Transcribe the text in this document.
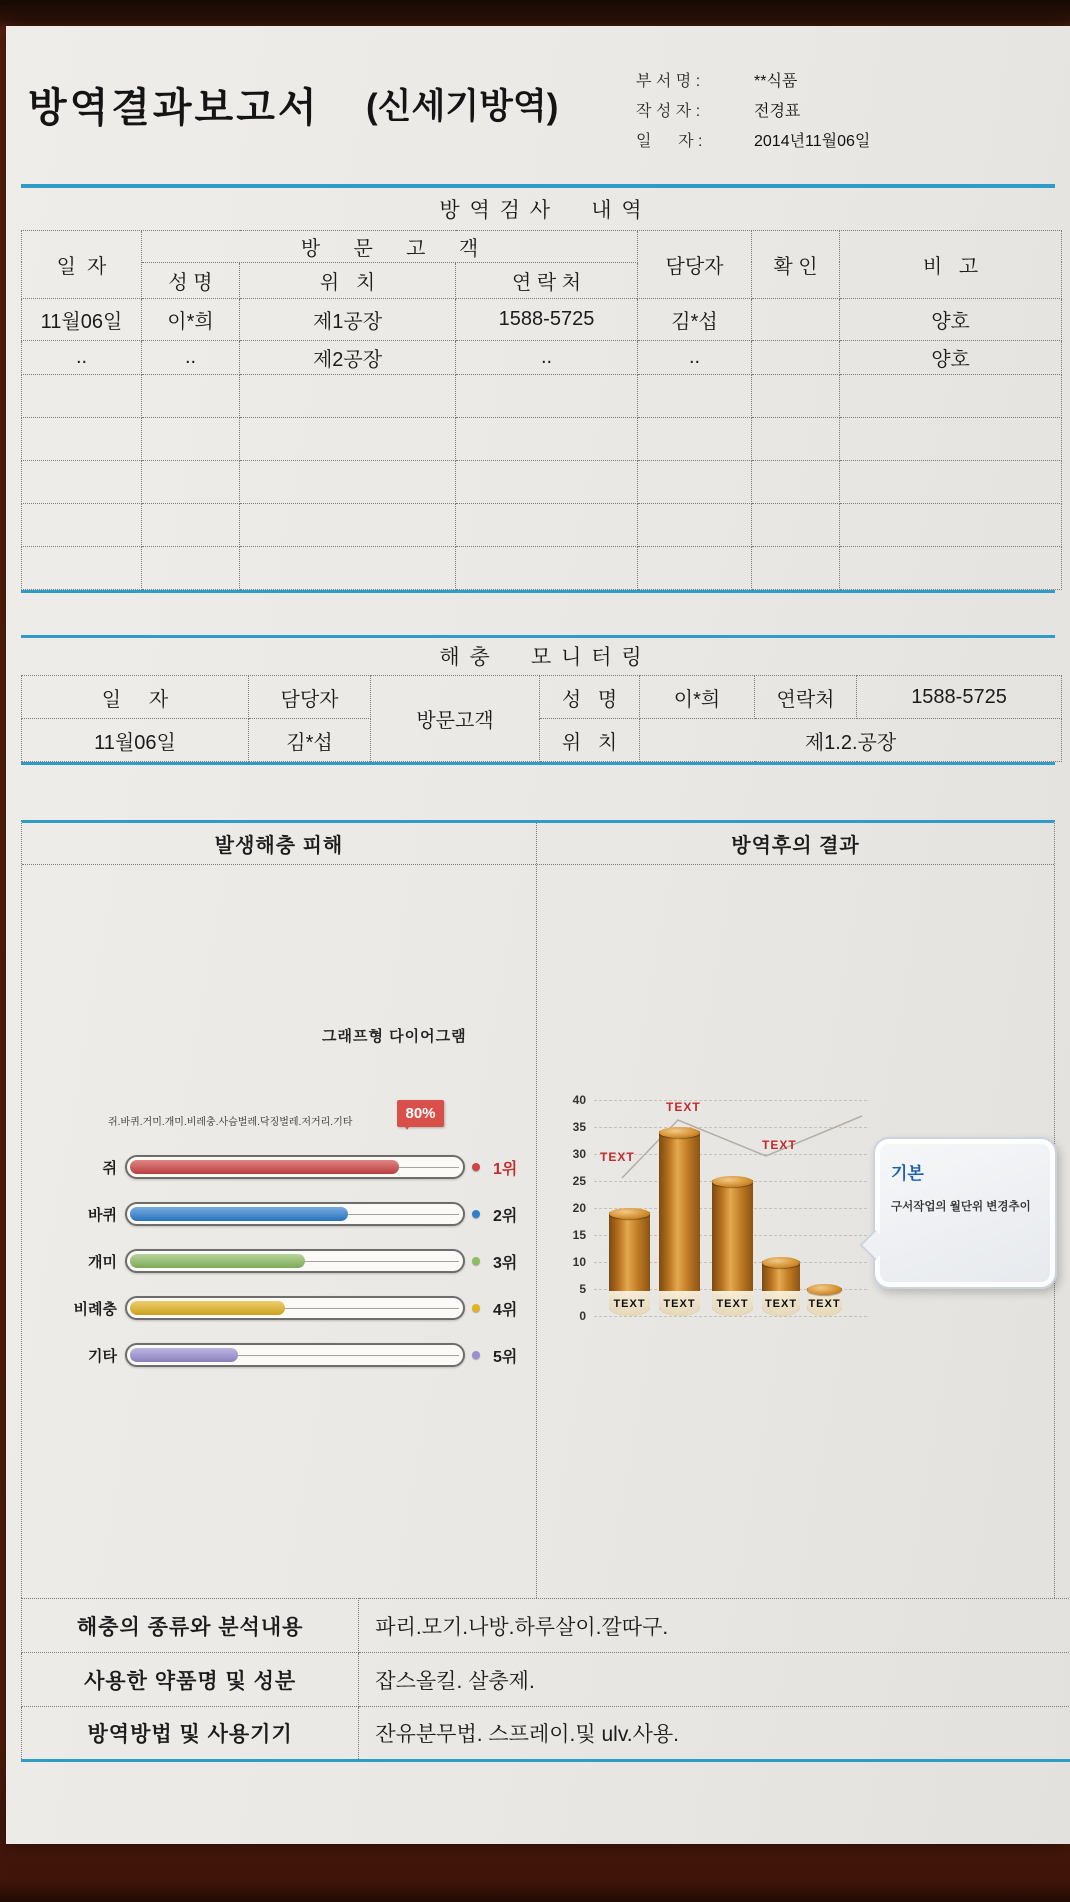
방역결과보고서 (신세기방역)
부 서 명 :	**식품
작 성 자 :	전경표
일      자 :	2014년11월06일
방 역 검 사     내 역						
일  자	방      문      고      객			담당자	확 인	비   고
	성 명	위   치	연 락 처			
11월06일	이*희	제1공장	1588-5725	김*섭		양호
..	..	제2공장	..	..		양호

해 충     모 니 터 링						
일     자	담당자	방문고객	성   명	이*희	연락처	1588-5725
11월06일	김*섭		위   치	제1.2.공장		
발생해충 피해	방역후의 결과
그래프형 다이어그램
쥐.바퀴.거미.개미.비레충.사슴벌레.닥징벌레.저거리.기타
80%
쥐	1위
바퀴	2위
개미	3위
비례충	4위
기타	5위
40
35
30
25
20
15
10
5
0
TEXT	TEXT	TEXT	TEXT TEXT
TEXT
TEXT
TEXT
기본
구서작업의 월단위 변경추이
해충의 종류와 분석내용	파리.모기.나방.하루살이.깔따구.
사용한 약품명 및 성분	잡스올킬. 살충제.
방역방법 및 사용기기	잔유분무법. 스프레이.및 ulv.사용.
